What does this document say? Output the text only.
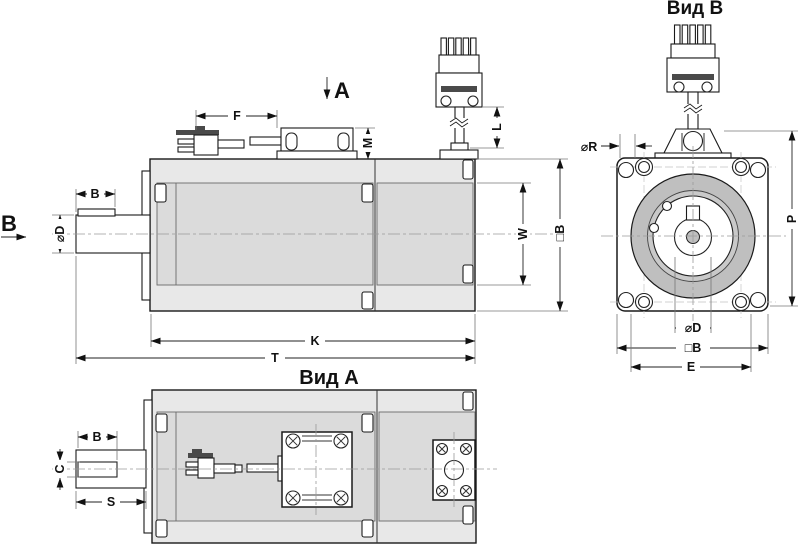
B
⌀D
B
F
M
A
L
W □B
K
T
Вид B
⌀R
⌀D
□B
E
P
Вид A
B
C
S
